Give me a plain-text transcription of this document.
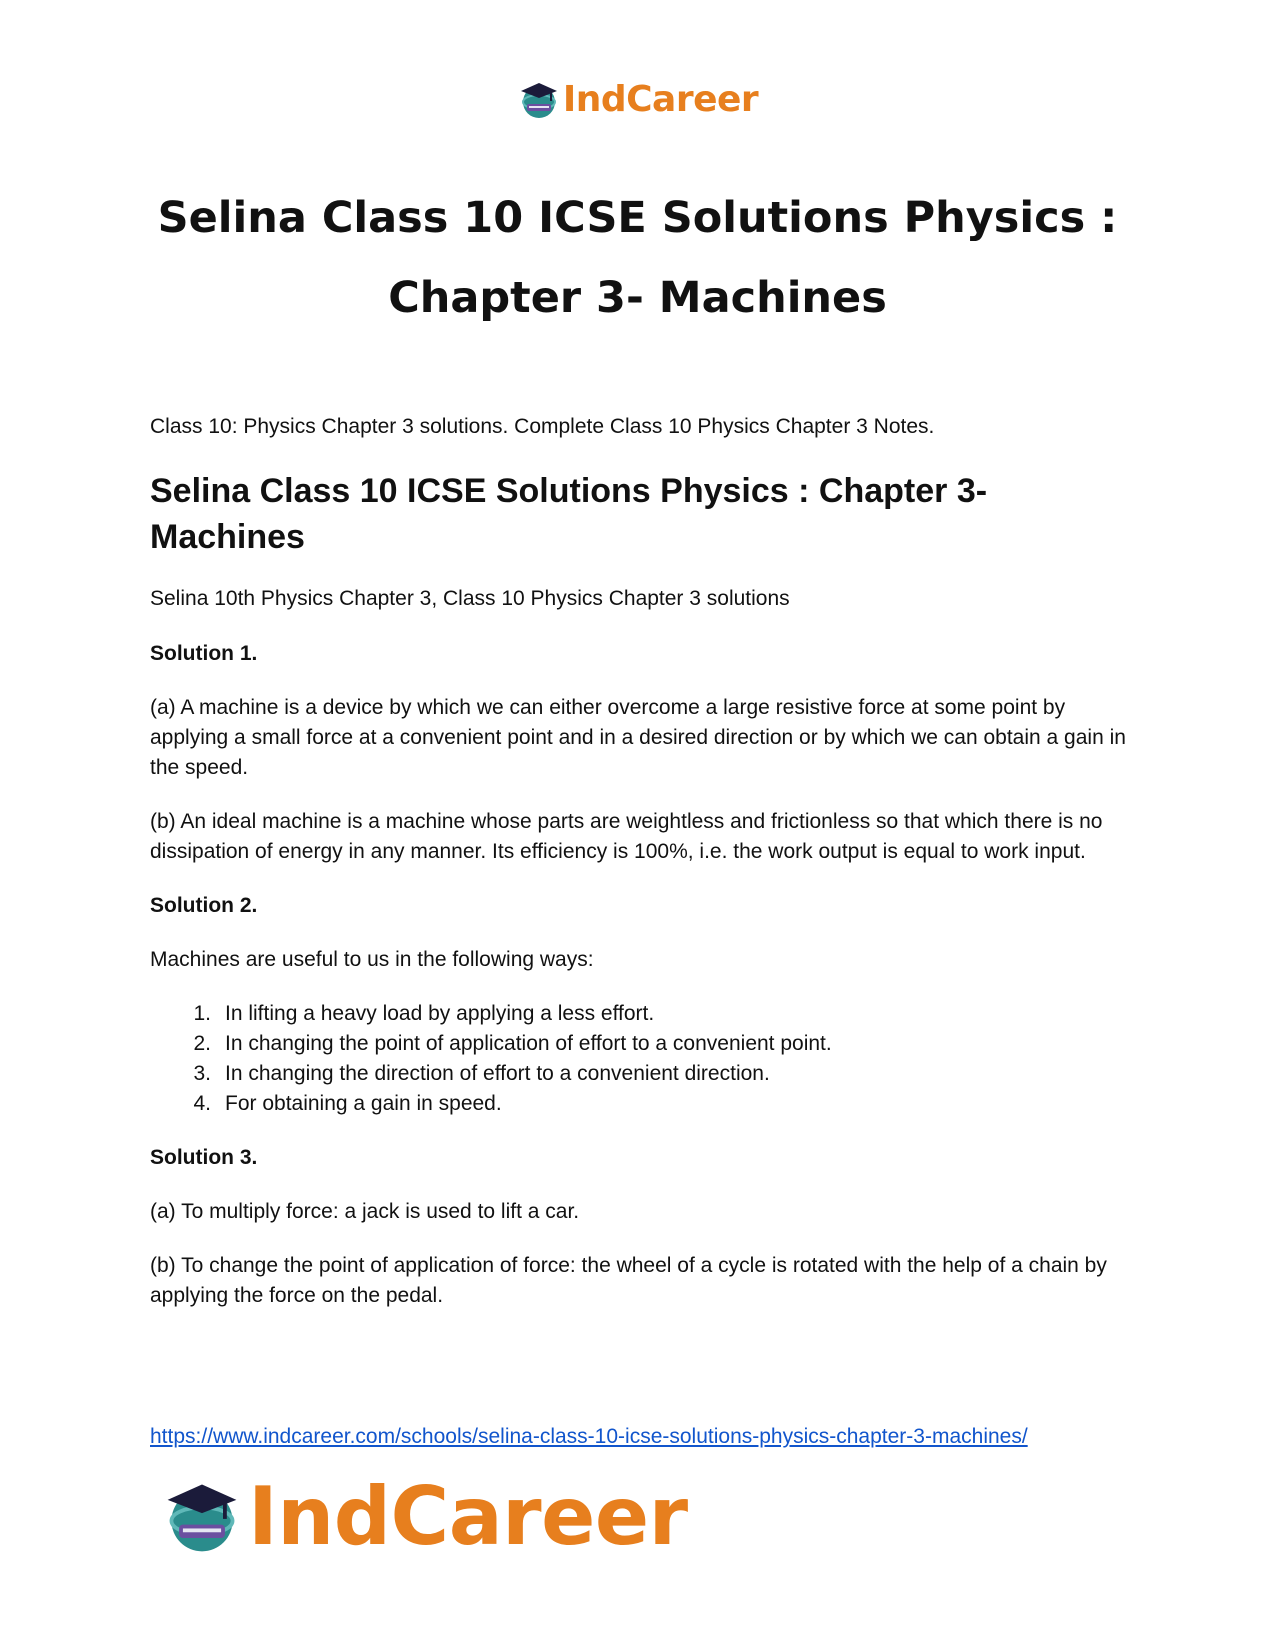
IndCareer
Selina Class 10 ICSE Solutions Physics :
Chapter 3- Machines

Class 10: Physics Chapter 3 solutions. Complete Class 10 Physics Chapter 3 Notes.

Selina Class 10 ICSE Solutions Physics : Chapter 3- Machines

Selina 10th Physics Chapter 3, Class 10 Physics Chapter 3 solutions

Solution 1.

(a) A machine is a device by which we can either overcome a large resistive force at some point by applying a small force at a convenient point and in a desired direction or by which we can obtain a gain in the speed.

(b) An ideal machine is a machine whose parts are weightless and frictionless so that which there is no dissipation of energy in any manner. Its efficiency is 100%, i.e. the work output is equal to work input.

Solution 2.

Machines are useful to us in the following ways:

1. In lifting a heavy load by applying a less effort.
2. In changing the point of application of effort to a convenient point.
3. In changing the direction of effort to a convenient direction.
4. For obtaining a gain in speed.

Solution 3.

(a) To multiply force: a jack is used to lift a car.

(b) To change the point of application of force: the wheel of a cycle is rotated with the help of a chain by applying the force on the pedal.

https://www.indcareer.com/schools/selina-class-10-icse-solutions-physics-chapter-3-machines/
IndCareer
